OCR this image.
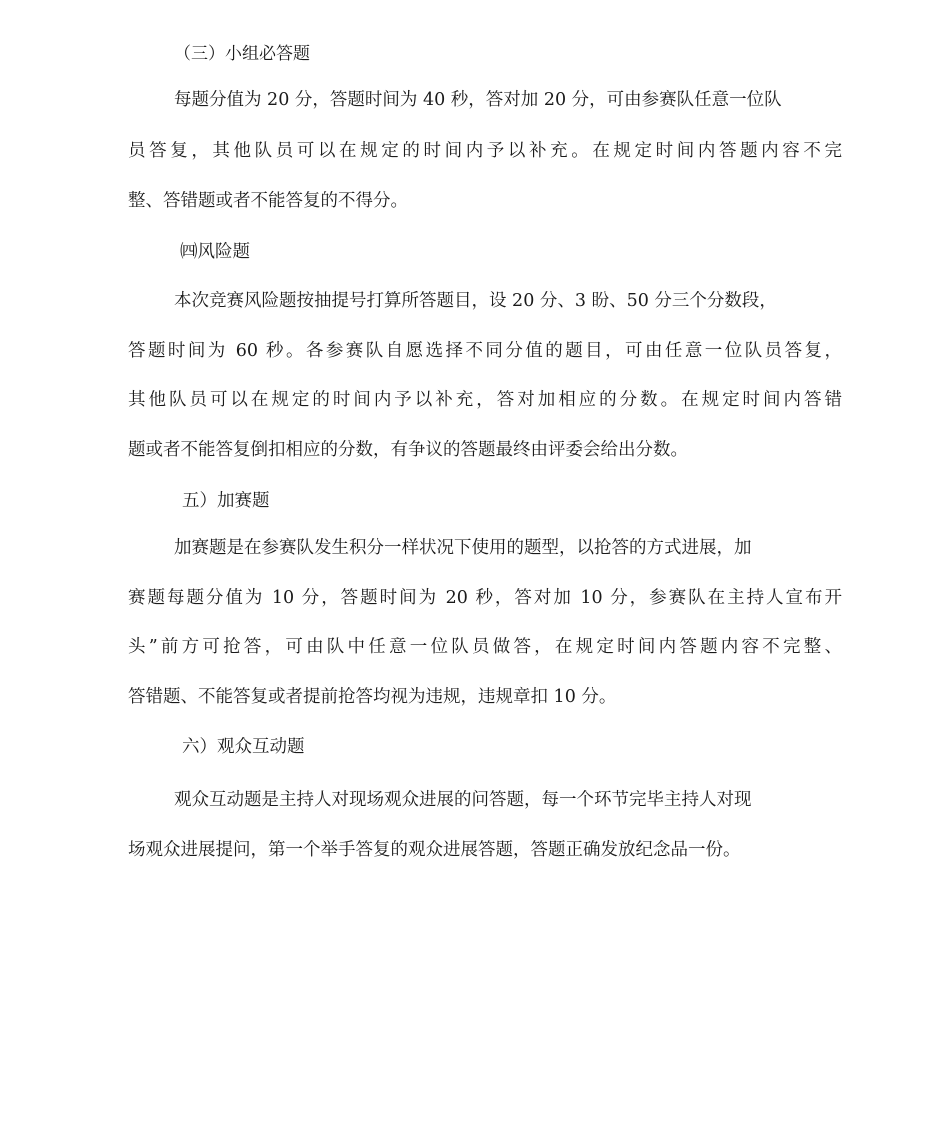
（三）小组必答题
每题分值为 20 分，答题时间为 40 秒，答对加 20 分，可由参赛队任意一位队
员答复，其他队员可以在规定的时间内予以补充。在规定时间内答题内容不完
整、答错题或者不能答复的不得分。
㈣风险题
本次竞赛风险题按抽提号打算所答题目，设 20 分、3 盼、50 分三个分数段，
答题时间为 60 秒。各参赛队自愿选择不同分值的题目，可由任意一位队员答复，
其他队员可以在规定的时间内予以补充，答对加相应的分数。在规定时间内答错
题或者不能答复倒扣相应的分数，有争议的答题最终由评委会给出分数。
五）加赛题
加赛题是在参赛队发生积分一样状况下使用的题型，以抢答的方式进展，加
赛题每题分值为 10 分，答题时间为 20 秒，答对加 10 分，参赛队在主持人宣布开
头”前方可抢答，可由队中任意一位队员做答，在规定时间内答题内容不完整、
答错题、不能答复或者提前抢答均视为违规，违规章扣 10 分。
六）观众互动题
观众互动题是主持人对现场观众进展的问答题，每一个环节完毕主持人对现
场观众进展提问，第一个举手答复的观众进展答题，答题正确发放纪念品一份。
